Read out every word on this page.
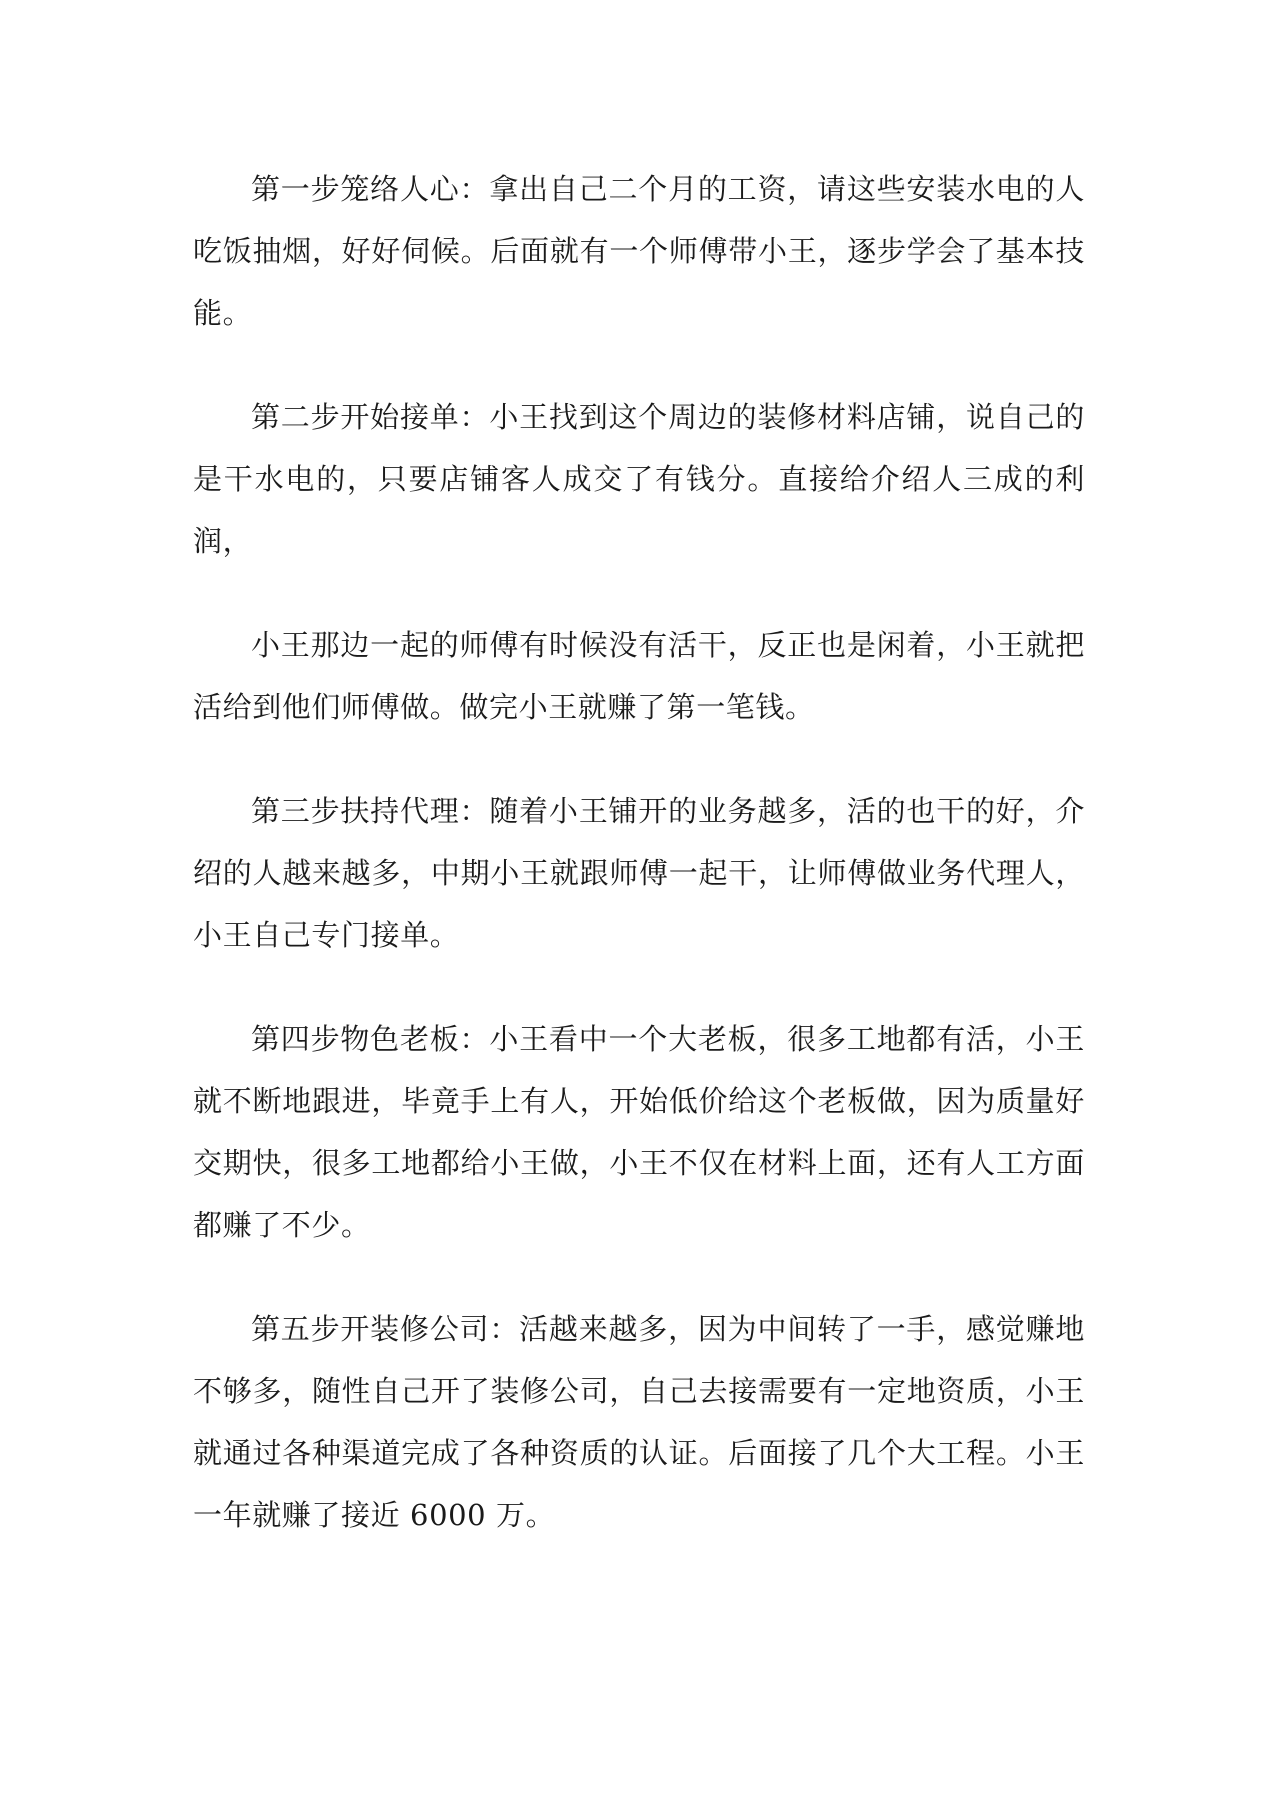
第一步笼络人心：拿出自己二个月的工资，请这些安装水电的人吃饭抽烟，好好伺候。后面就有一个师傅带小王，逐步学会了基本技能。

第二步开始接单：小王找到这个周边的装修材料店铺，说自己的是干水电的，只要店铺客人成交了有钱分。直接给介绍人三成的利润，

小王那边一起的师傅有时候没有活干，反正也是闲着，小王就把活给到他们师傅做。做完小王就赚了第一笔钱。

第三步扶持代理：随着小王铺开的业务越多，活的也干的好，介绍的人越来越多，中期小王就跟师傅一起干，让师傅做业务代理人，小王自己专门接单。

第四步物色老板：小王看中一个大老板，很多工地都有活，小王就不断地跟进，毕竟手上有人，开始低价给这个老板做，因为质量好交期快，很多工地都给小王做，小王不仅在材料上面，还有人工方面都赚了不少。

第五步开装修公司：活越来越多，因为中间转了一手，感觉赚地不够多，随性自己开了装修公司，自己去接需要有一定地资质，小王就通过各种渠道完成了各种资质的认证。后面接了几个大工程。小王一年就赚了接近 6000 万。
